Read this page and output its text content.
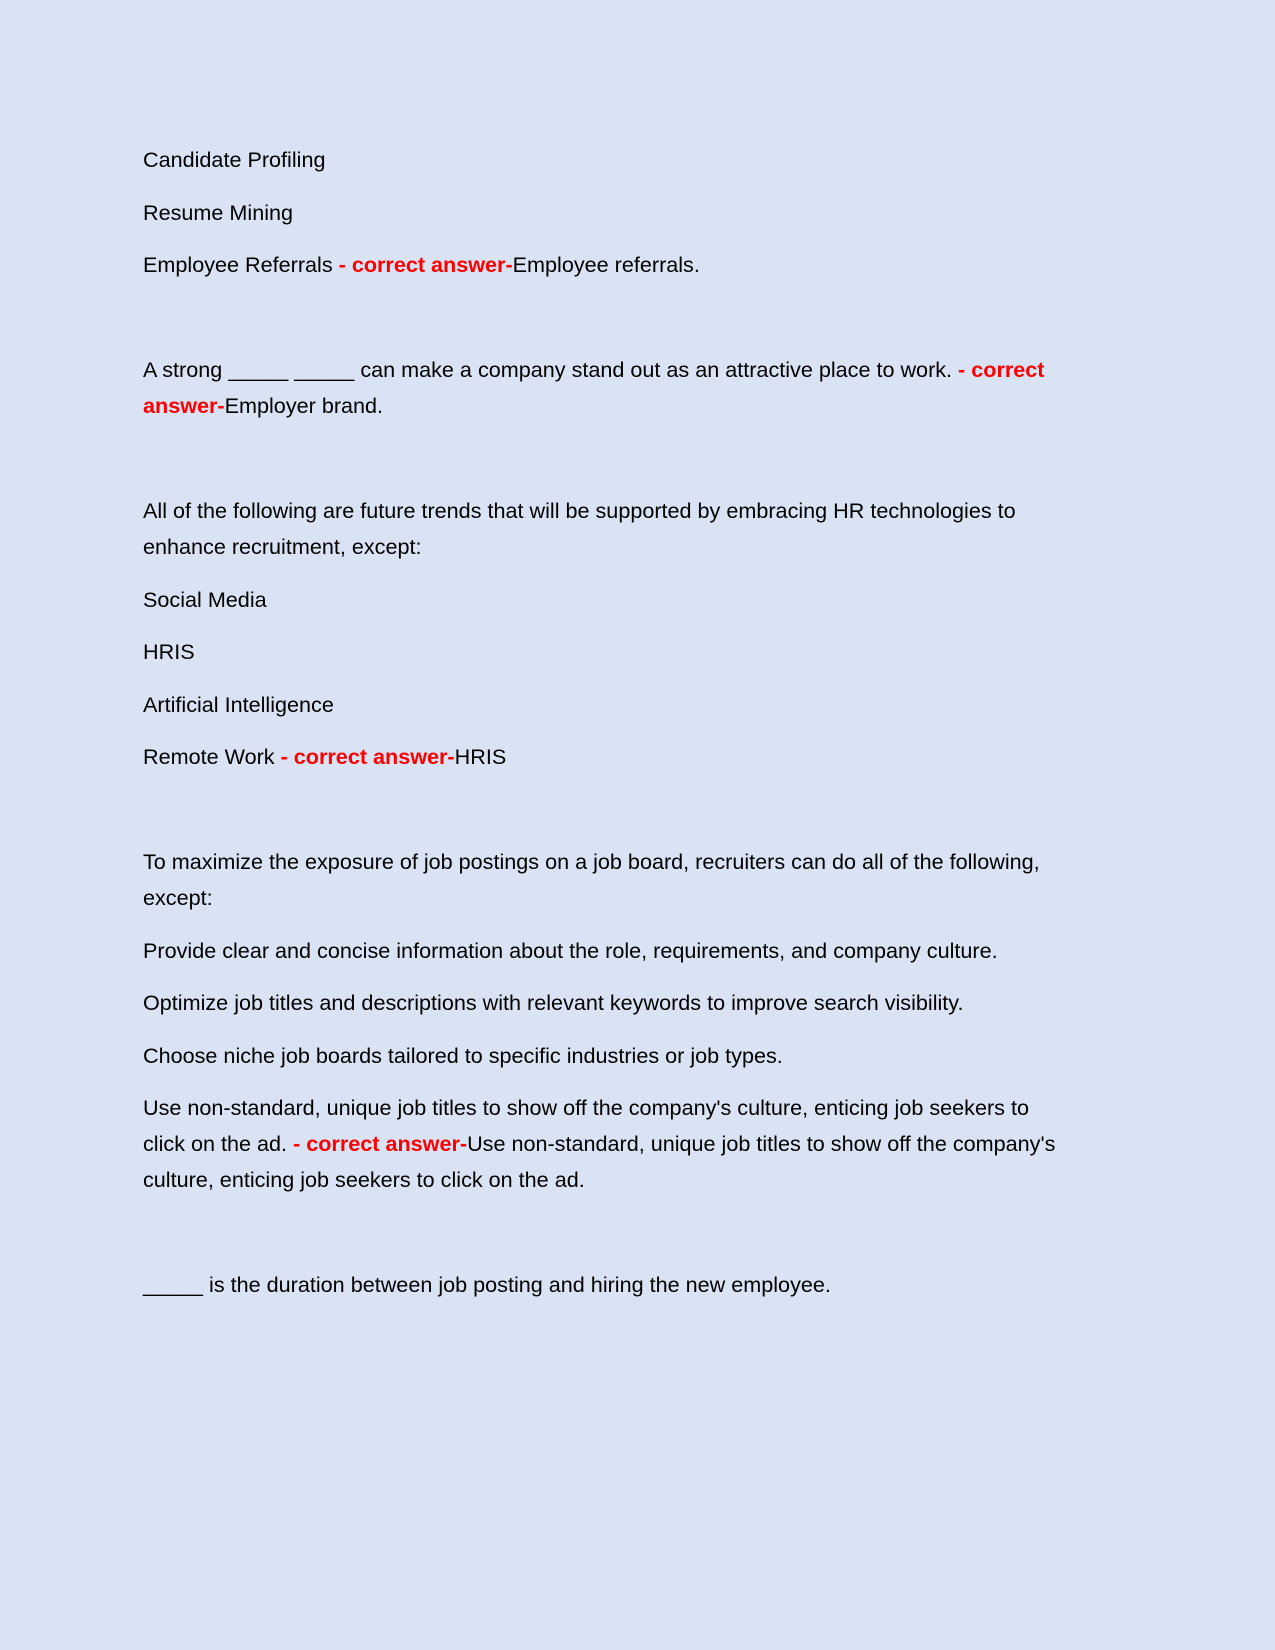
Candidate Profiling

Resume Mining

Employee Referrals - correct answer-Employee referrals.

A strong _____ _____ can make a company stand out as an attractive place to work. - correct answer-Employer brand.

All of the following are future trends that will be supported by embracing HR technologies to enhance recruitment, except:

Social Media

HRIS

Artificial Intelligence

Remote Work - correct answer-HRIS

To maximize the exposure of job postings on a job board, recruiters can do all of the following, except:

Provide clear and concise information about the role, requirements, and company culture.

Optimize job titles and descriptions with relevant keywords to improve search visibility.

Choose niche job boards tailored to specific industries or job types.

Use non-standard, unique job titles to show off the company's culture, enticing job seekers to click on the ad. - correct answer-Use non-standard, unique job titles to show off the company's culture, enticing job seekers to click on the ad.

_____ is the duration between job posting and hiring the new employee.
